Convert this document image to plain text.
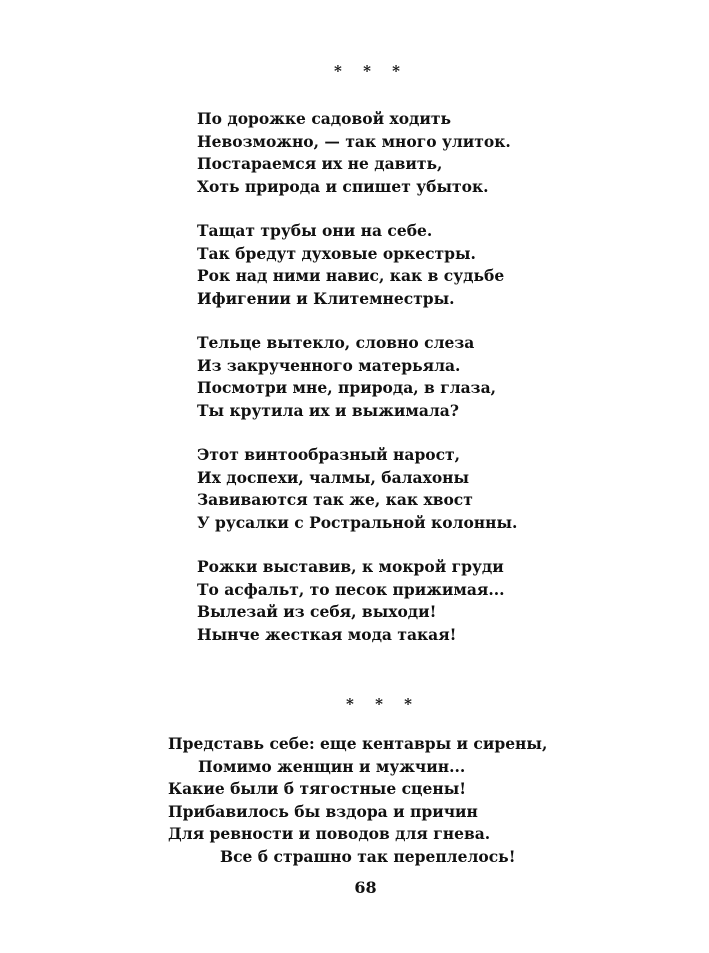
* * *
По дорожке садовой ходить
Невозможно, — так много улиток.
Постараемся их не давить,
Хоть природа и спишет убыток.
Тащат трубы они на себе.
Так бредут духовые оркестры.
Рок над ними навис, как в судьбе
Ифигении и Клитемнестры.
Тельце вытекло, словно слеза
Из закрученного матерьяла.
Посмотри мне, природа, в глаза,
Ты крутила их и выжимала?
Этот винтообразный нарост,
Их доспехи, чалмы, балахоны
Завиваются так же, как хвост
У русалки с Ростральной колонны.
Рожки выставив, к мокрой груди
То асфальт, то песок прижимая...
Вылезай из себя, выходи!
Нынче жесткая мода такая!
* * *
Представь себе: еще кентавры и сирены,
Помимо женщин и мужчин...
Какие были б тягостные сцены!
Прибавилось бы вздора и причин
Для ревности и поводов для гнева.
Все б страшно так переплелось!
68
